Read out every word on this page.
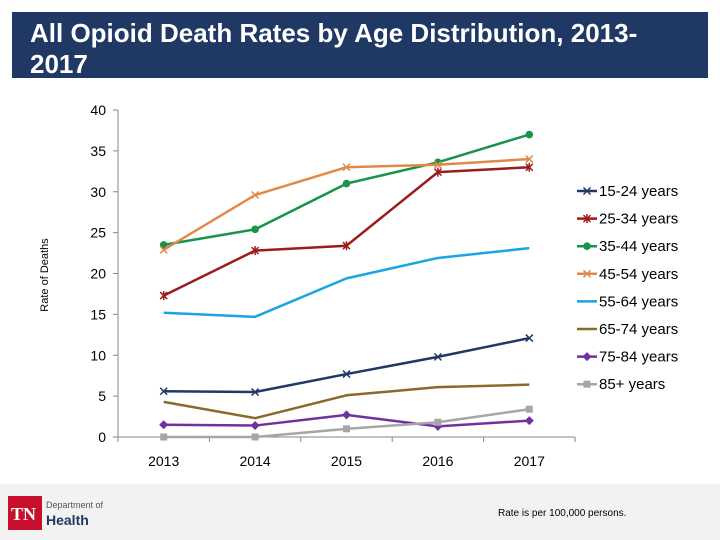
All Opioid Death Rates by Age Distribution, 2013-2017
Rate of Deaths
0
5
10
15
20
25
30
35
40
2013	2014	2015	2016	2017
15-24 years
25-34 years
35-44 years
45-54 years
55-64 years
65-74 years
75-84 years
85+ years
TN Department of
Health	Rate is per 100,000 persons.
